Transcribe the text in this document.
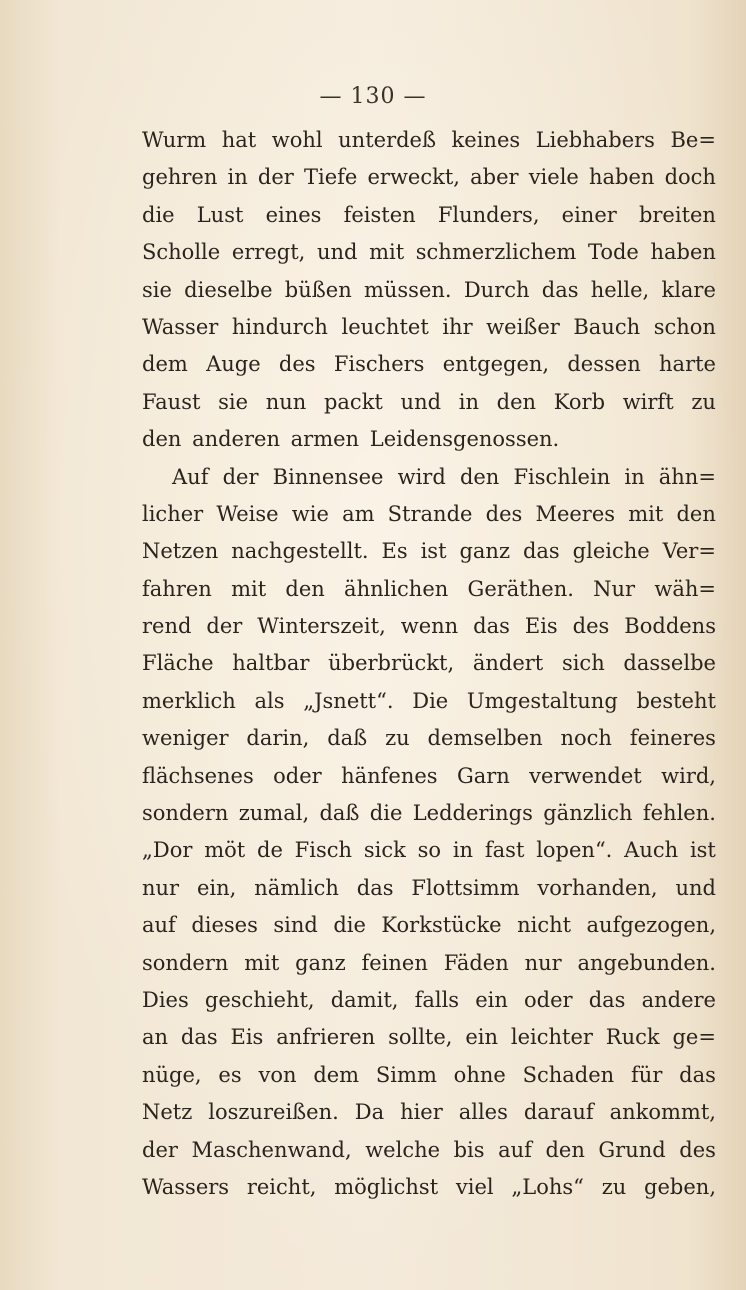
— 130 —
Wurm hat wohl unterdeß keines Liebhabers Be=
gehren in der Tiefe erweckt, aber viele haben doch
die Lust eines feisten Flunders, einer breiten
Scholle erregt, und mit schmerzlichem Tode haben
sie dieselbe büßen müssen. Durch das helle, klare
Wasser hindurch leuchtet ihr weißer Bauch schon
dem Auge des Fischers entgegen, dessen harte
Faust sie nun packt und in den Korb wirft zu
den anderen armen Leidensgenossen.
Auf der Binnensee wird den Fischlein in äh​n=
licher Weise wie am Strande des Meeres mit den
Netzen nachgestellt. Es ist ganz das gleiche Ver=
fahren mit den ähnlichen Geräthen. Nur wäh=
rend der Winterszeit, wenn das Eis des Boddens
Fläche haltbar überbrückt, ändert sich dasselbe
merklich als „Jsnett“. Die Umgestaltung besteht
weniger darin, daß zu demselben noch feineres
flächsenes oder hänfenes Garn verwendet wird,
sondern zumal, daß die Ledderings gänzlich fehlen.
„Dor möt de Fisch sick so in fast lopen“. Auch ist
nur ein, nämlich das Flottsimm vorhanden, und
auf dieses sind die Korkstücke nicht aufgezogen,
sondern mit ganz feinen Fäden nur angebunden.
Dies geschieht, damit, falls ein oder das andere
an das Eis anfrieren sollte, ein leichter Ruck ge=
nüge, es von dem Simm ohne Schaden für das
Netz loszureißen. Da hier alles darauf ankommt,
der Maschenwand, welche bis auf den Grund des
Wassers reicht, möglichst viel „Lohs“ zu geben,
